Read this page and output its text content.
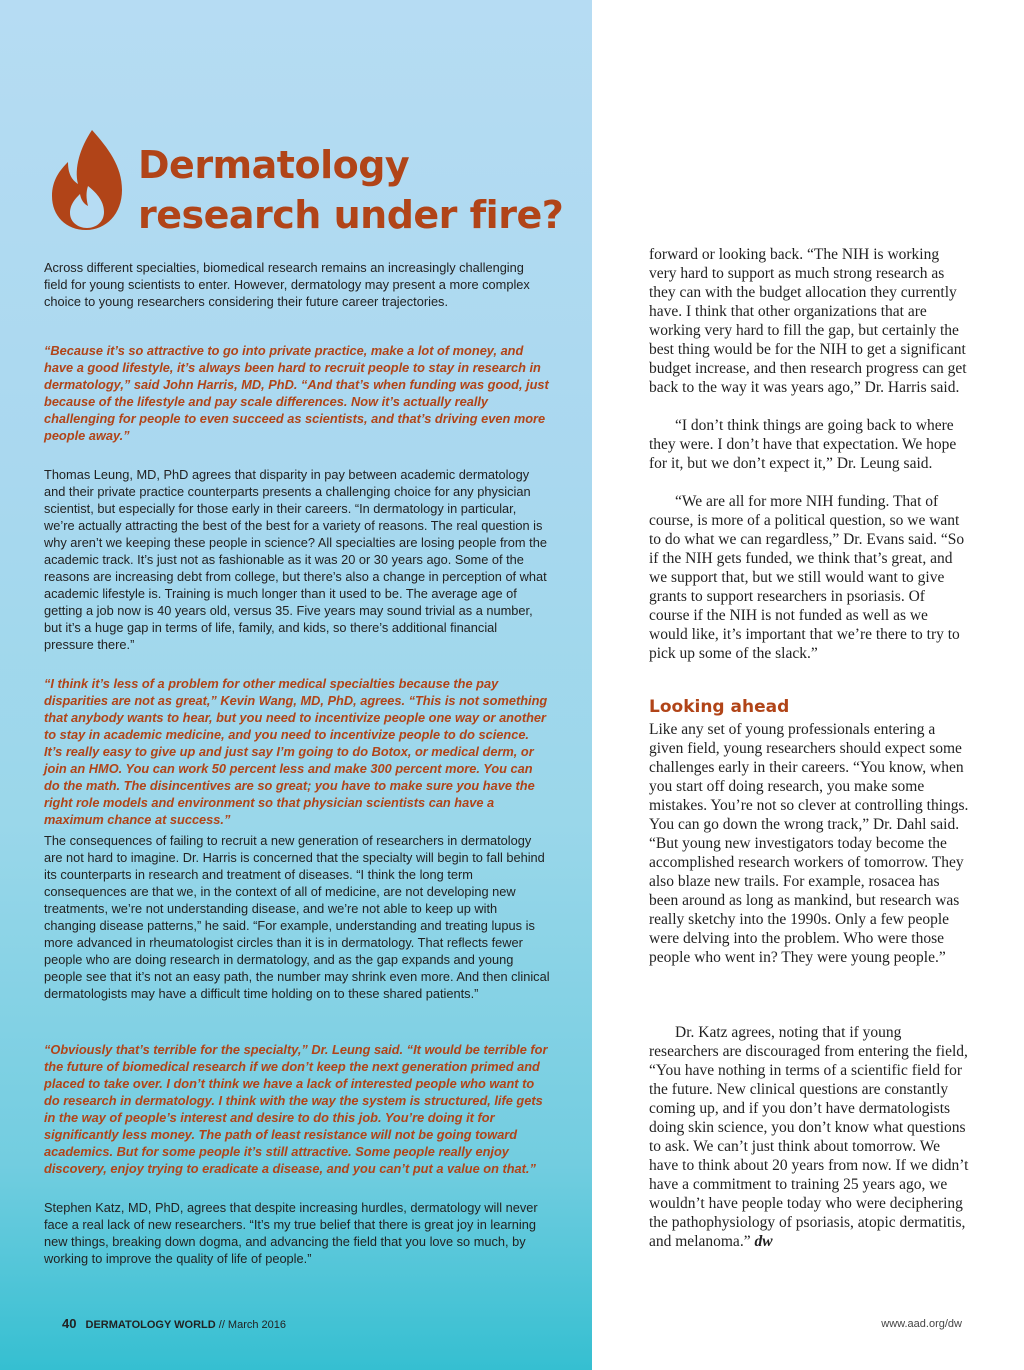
Dermatology
research under fire?

Across different specialties, biomedical research remains an increasingly challenging field for young scientists to enter. However, dermatology may present a more complex choice to young researchers considering their future career trajectories.

“Because it’s so attractive to go into private practice, make a lot of money, and have a good lifestyle, it’s always been hard to recruit people to stay in research in dermatology,” said John Harris, MD, PhD. “And that’s when funding was good, just because of the lifestyle and pay scale differences. Now it’s actually really challenging for people to even succeed as scientists, and that’s driving even more people away.”

Thomas Leung, MD, PhD agrees that disparity in pay between academic dermatology and their private practice counterparts presents a challenging choice for any physician scientist, but especially for those early in their careers. “In dermatology in particular, we’re actually attracting the best of the best for a variety of reasons. The real question is why aren’t we keeping these people in science? All specialties are losing people from the academic track. It’s just not as fashionable as it was 20 or 30 years ago. Some of the reasons are increasing debt from college, but there’s also a change in perception of what academic lifestyle is. Training is much longer than it used to be. The average age of getting a job now is 40 years old, versus 35. Five years may sound trivial as a number, but it’s a huge gap in terms of life, family, and kids, so there’s additional financial pressure there.”

“I think it’s less of a problem for other medical specialties because the pay disparities are not as great,” Kevin Wang, MD, PhD, agrees. “This is not something that anybody wants to hear, but you need to incentivize people one way or another to stay in academic medicine, and you need to incentivize people to do science. It’s really easy to give up and just say I’m going to do Botox, or medical derm, or join an HMO. You can work 50 percent less and make 300 percent more. You can do the math. The disincentives are so great; you have to make sure you have the right role models and environment so that physician scientists can have a maximum chance at success.”

The consequences of failing to recruit a new generation of researchers in dermatology are not hard to imagine. Dr. Harris is concerned that the specialty will begin to fall behind its counterparts in research and treatment of diseases. “I think the long term consequences are that we, in the context of all of medicine, are not developing new treatments, we’re not understanding disease, and we’re not able to keep up with changing disease patterns,” he said. “For example, understanding and treating lupus is more advanced in rheumatologist circles than it is in dermatology. That reflects fewer people who are doing research in dermatology, and as the gap expands and young people see that it’s not an easy path, the number may shrink even more. And then clinical dermatologists may have a difficult time holding on to these shared patients.”

“Obviously that’s terrible for the specialty,” Dr. Leung said. “It would be terrible for the future of biomedical research if we don’t keep the next generation primed and placed to take over. I don’t think we have a lack of interested people who want to do research in dermatology. I think with the way the system is structured, life gets in the way of people’s interest and desire to do this job. You’re doing it for significantly less money. The path of least resistance will not be going toward academics. But for some people it’s still attractive. Some people really enjoy discovery, enjoy trying to eradicate a disease, and you can’t put a value on that.”

Stephen Katz, MD, PhD, agrees that despite increasing hurdles, dermatology will never face a real lack of new researchers. “It’s my true belief that there is great joy in learning new things, breaking down dogma, and advancing the field that you love so much, by working to improve the quality of life of people.”

forward or looking back. “The NIH is working very hard to support as much strong research as they can with the budget allocation they currently have. I think that other organizations that are working very hard to fill the gap, but certainly the best thing would be for the NIH to get a significant budget increase, and then research progress can get back to the way it was years ago,” Dr. Harris said.

“I don’t think things are going back to where they were. I don’t have that expectation. We hope for it, but we don’t expect it,” Dr. Leung said.

“We are all for more NIH funding. That of course, is more of a political question, so we want to do what we can regardless,” Dr. Evans said. “So if the NIH gets funded, we think that’s great, and we support that, but we still would want to give grants to support researchers in psoriasis. Of course if the NIH is not funded as well as we would like, it’s important that we’re there to try to pick up some of the slack.”

Looking ahead

Like any set of young professionals entering a given field, young researchers should expect some challenges early in their careers. “You know, when you start off doing research, you make some mistakes. You’re not so clever at controlling things. You can go down the wrong track,” Dr. Dahl said. “But young new investigators today become the accomplished research workers of tomorrow. They also blaze new trails. For example, rosacea has been around as long as mankind, but research was really sketchy into the 1990s. Only a few people were delving into the problem. Who were those people who went in? They were young people.”

Dr. Katz agrees, noting that if young researchers are discouraged from entering the field, “You have nothing in terms of a scientific field for the future. New clinical questions are constantly coming up, and if you don’t have dermatologists doing skin science, you don’t know what questions to ask. We can’t just think about tomorrow. We have to think about 20 years from now. If we didn’t have a commitment to training 25 years ago, we wouldn’t have people today who were deciphering the pathophysiology of psoriasis, atopic dermatitis, and melanoma.” dw

40 DERMATOLOGY WORLD // March 2016	www.aad.org/dw
